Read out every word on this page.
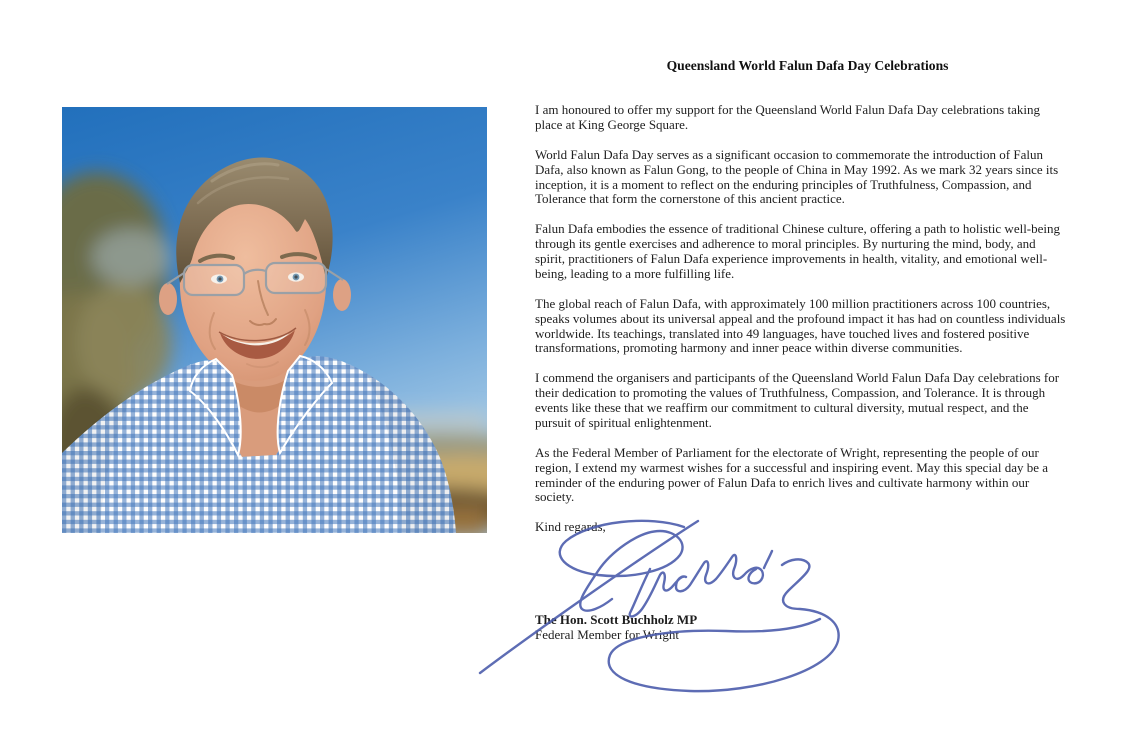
Queensland World Falun Dafa Day Celebrations

I am honoured to offer my support for the Queensland World Falun Dafa Day celebrations taking
place at King George Square.

World Falun Dafa Day serves as a significant occasion to commemorate the introduction of Falun
Dafa, also known as Falun Gong, to the people of China in May 1992. As we mark 32 years since its
inception, it is a moment to reflect on the enduring principles of Truthfulness, Compassion, and
Tolerance that form the cornerstone of this ancient practice.

Falun Dafa embodies the essence of traditional Chinese culture, offering a path to holistic well-being
through its gentle exercises and adherence to moral principles. By nurturing the mind, body, and
spirit, practitioners of Falun Dafa experience improvements in health, vitality, and emotional well-
being, leading to a more fulfilling life.

The global reach of Falun Dafa, with approximately 100 million practitioners across 100 countries,
speaks volumes about its universal appeal and the profound impact it has had on countless individuals
worldwide. Its teachings, translated into 49 languages, have touched lives and fostered positive
transformations, promoting harmony and inner peace within diverse communities.

I commend the organisers and participants of the Queensland World Falun Dafa Day celebrations for
their dedication to promoting the values of Truthfulness, Compassion, and Tolerance. It is through
events like these that we reaffirm our commitment to cultural diversity, mutual respect, and the
pursuit of spiritual enlightenment.

As the Federal Member of Parliament for the electorate of Wright, representing the people of our
region, I extend my warmest wishes for a successful and inspiring event. May this special day be a
reminder of the enduring power of Falun Dafa to enrich lives and cultivate harmony within our
society.

Kind regards,

The Hon. Scott Buchholz MP

Federal Member for Wright
